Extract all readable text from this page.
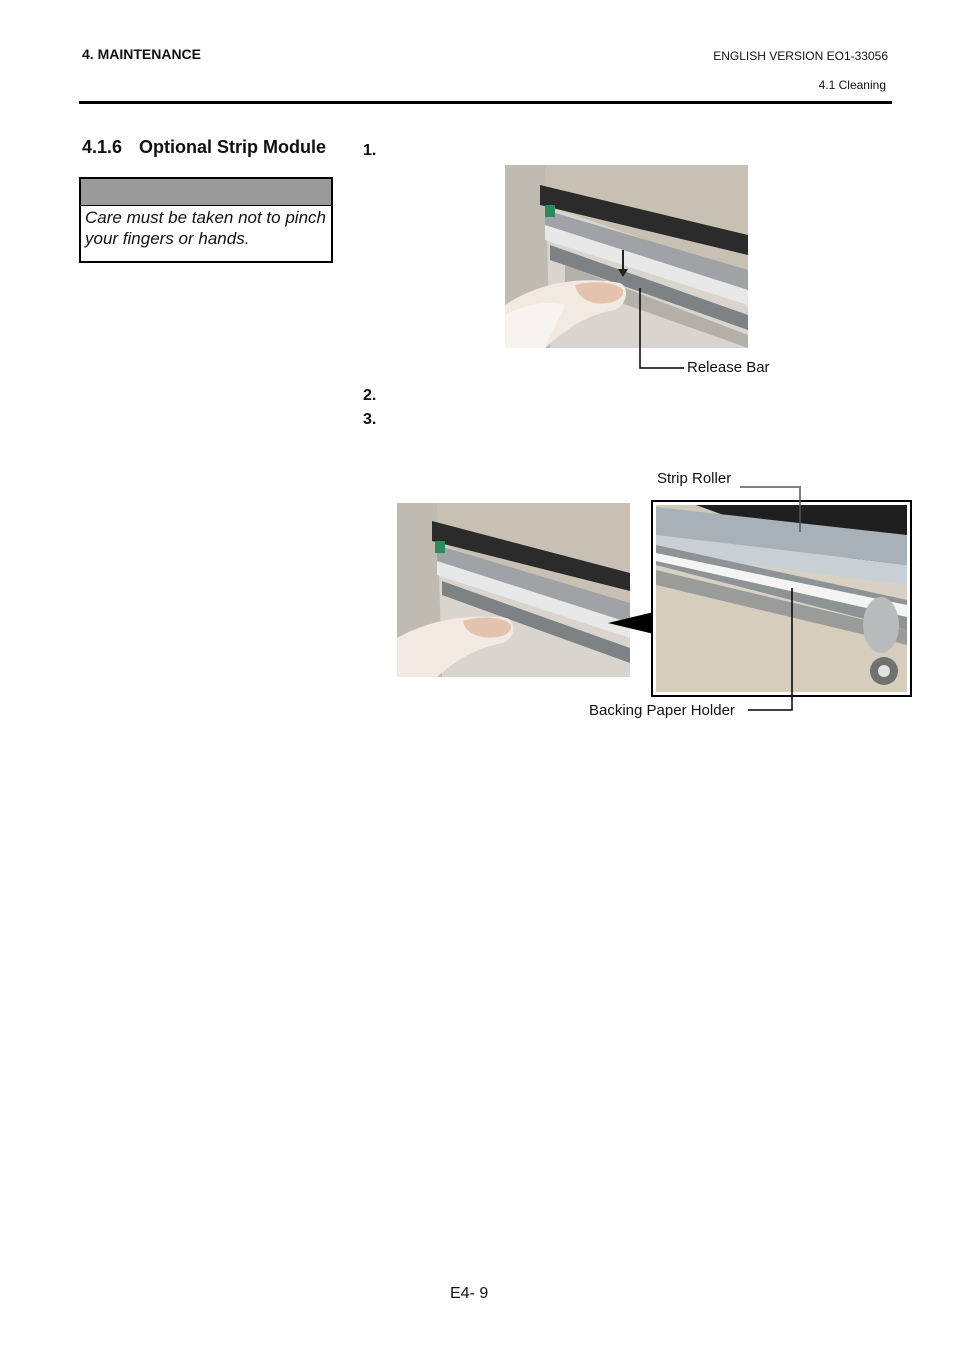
4. MAINTENANCE	ENGLISH VERSION EO1-33056
4.1 Cleaning
4.1.6 Optional Strip Module
Care must be taken not to pinch your fingers or hands.
1.
2.
3.
Release Bar
Strip Roller
Backing Paper Holder
E4- 9
